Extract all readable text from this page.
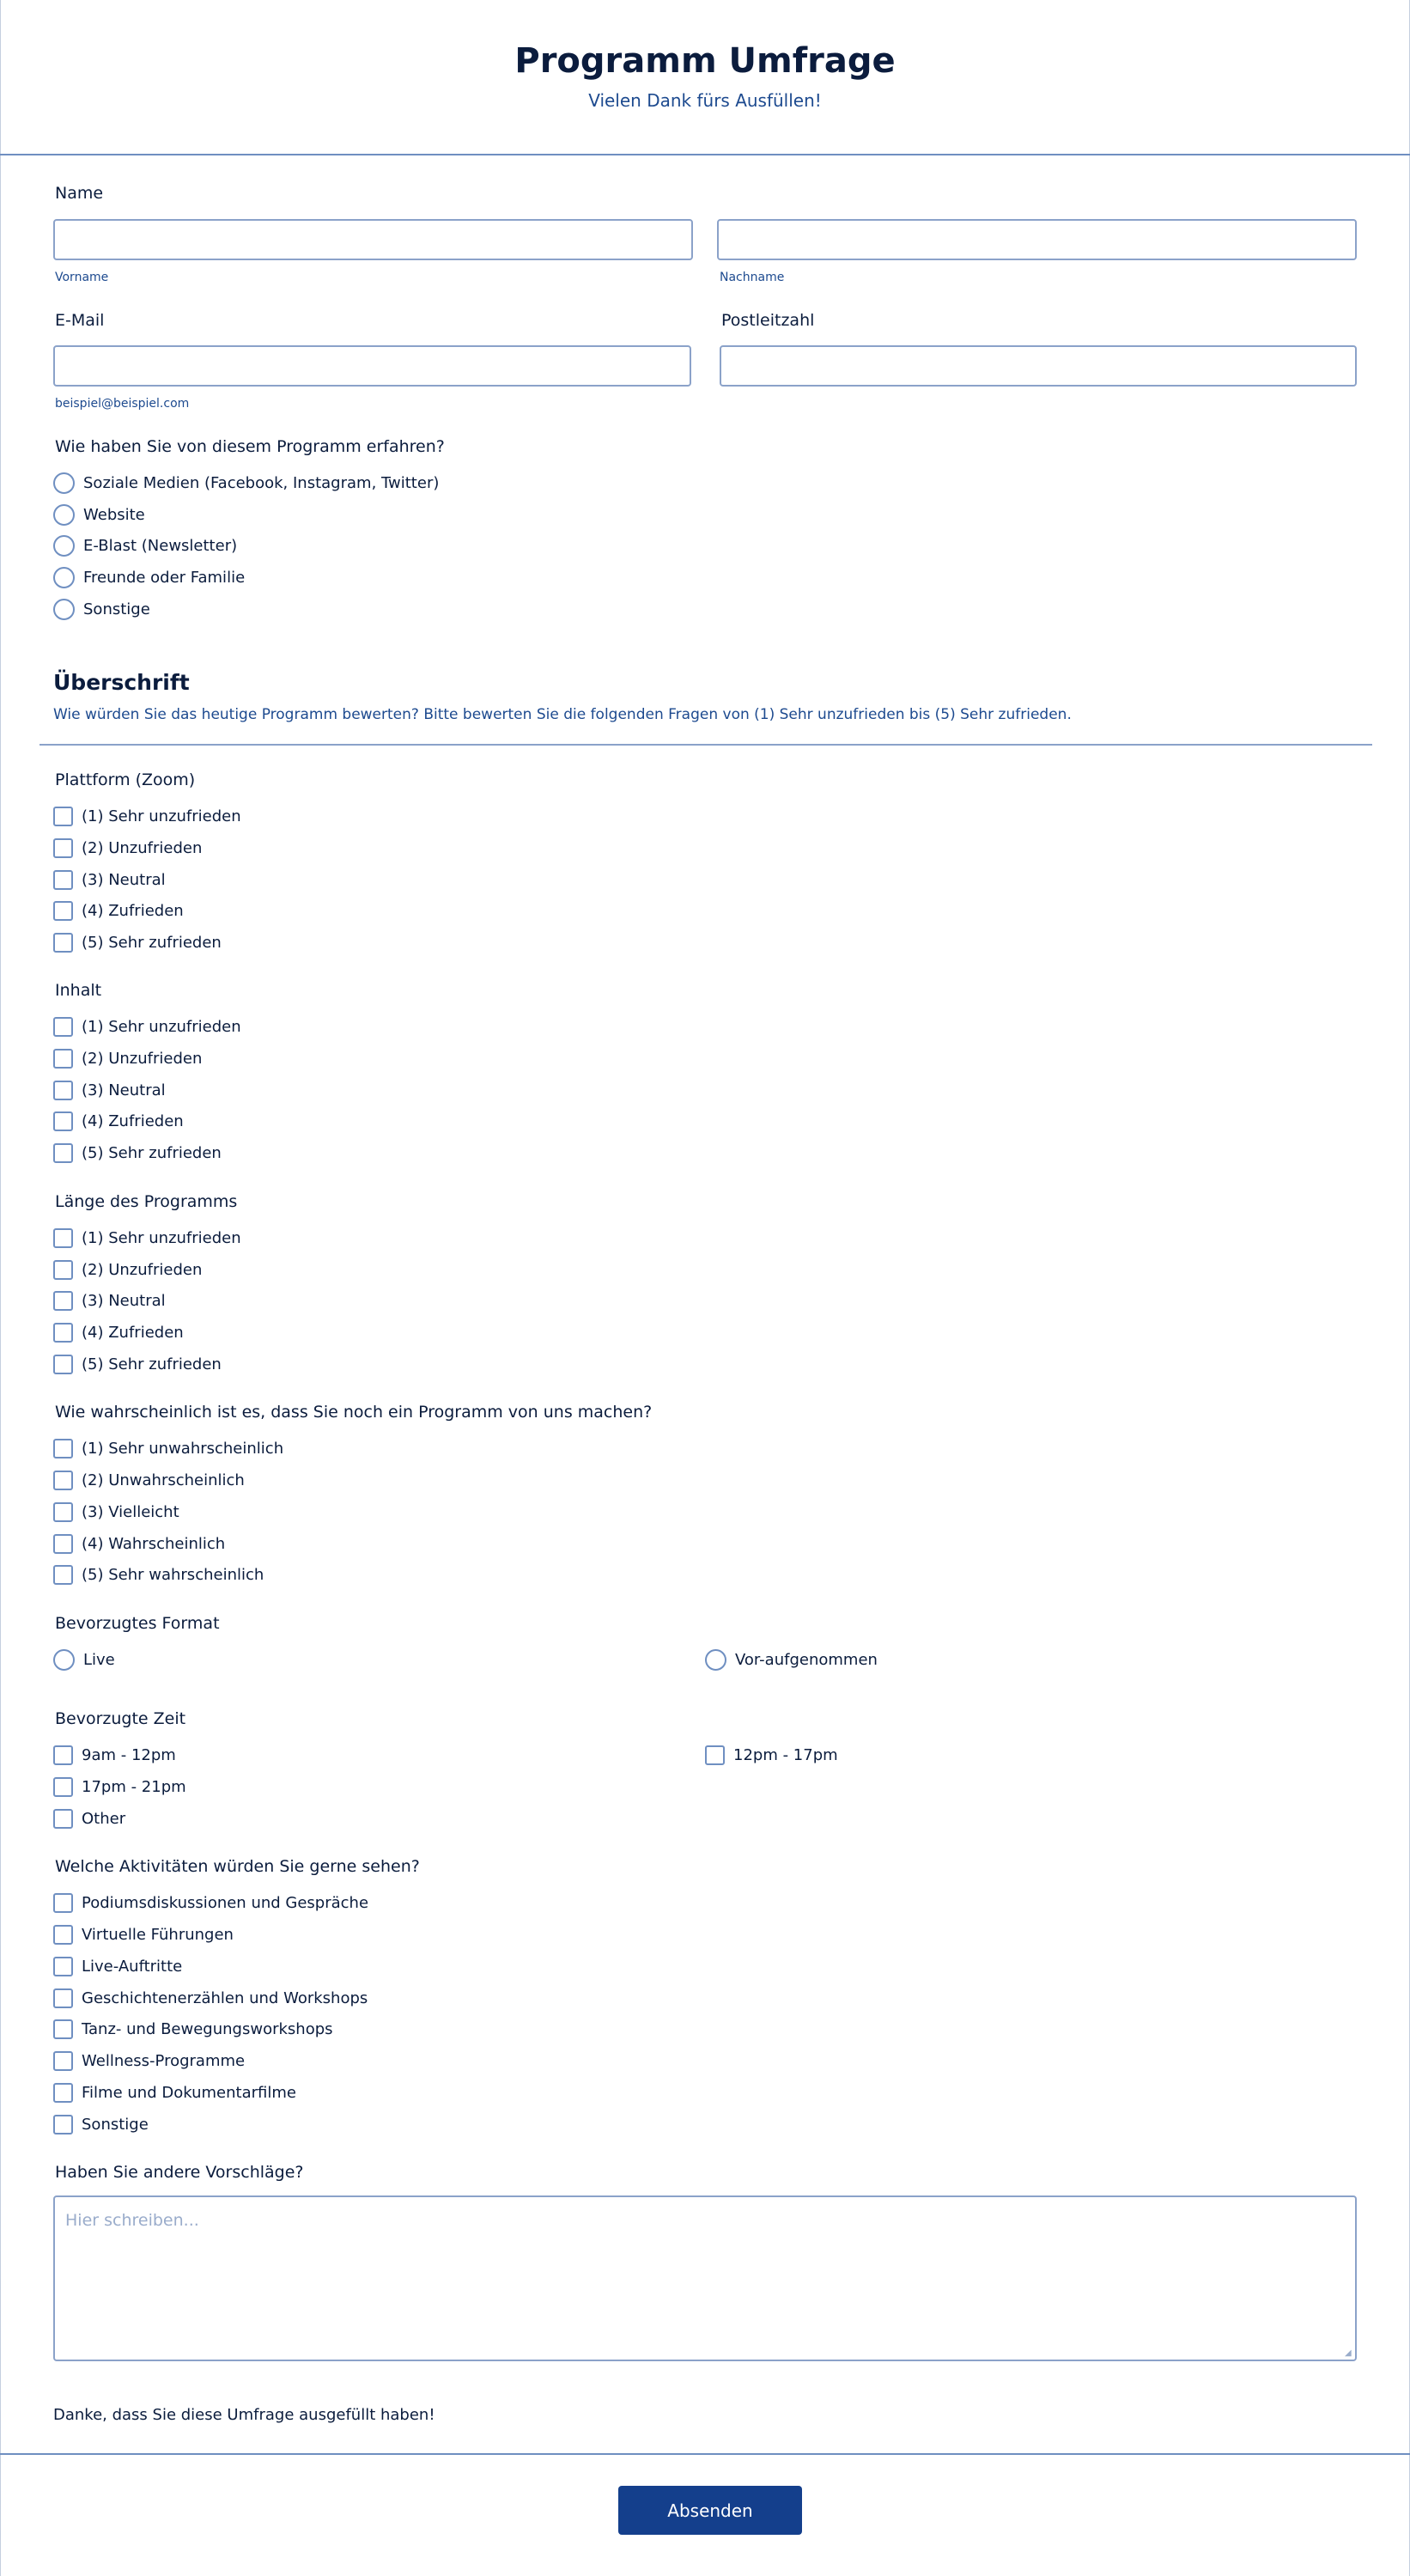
Programm Umfrage
Vielen Dank fürs Ausfüllen!
Name
Vorname	Nachname
E-Mail	Postleitzahl
beispiel@beispiel.com
Wie haben Sie von diesem Programm erfahren?
Soziale Medien (Facebook, Instagram, Twitter)
Website
E-Blast (Newsletter)
Freunde oder Familie
Sonstige
Überschrift
Wie würden Sie das heutige Programm bewerten? Bitte bewerten Sie die folgenden Fragen von (1) Sehr unzufrieden bis (5) Sehr zufrieden.
Plattform (Zoom)
(1) Sehr unzufrieden
(2) Unzufrieden
(3) Neutral
(4) Zufrieden
(5) Sehr zufrieden
Inhalt
(1) Sehr unzufrieden
(2) Unzufrieden
(3) Neutral
(4) Zufrieden
(5) Sehr zufrieden
Länge des Programms
(1) Sehr unzufrieden
(2) Unzufrieden
(3) Neutral
(4) Zufrieden
(5) Sehr zufrieden
Wie wahrscheinlich ist es, dass Sie noch ein Programm von uns machen?
(1) Sehr unwahrscheinlich
(2) Unwahrscheinlich
(3) Vielleicht
(4) Wahrscheinlich
(5) Sehr wahrscheinlich
Bevorzugtes Format
Live	Vor-aufgenommen
Bevorzugte Zeit
9am - 12pm	12pm - 17pm
17pm - 21pm
Other
Welche Aktivitäten würden Sie gerne sehen?
Podiumsdiskussionen und Gespräche
Virtuelle Führungen
Live-Auftritte
Geschichtenerzählen und Workshops
Tanz- und Bewegungsworkshops
Wellness-Programme
Filme und Dokumentarfilme
Sonstige
Haben Sie andere Vorschläge?
Hier schreiben...
◢
Danke, dass Sie diese Umfrage ausgefüllt haben!
Absenden
